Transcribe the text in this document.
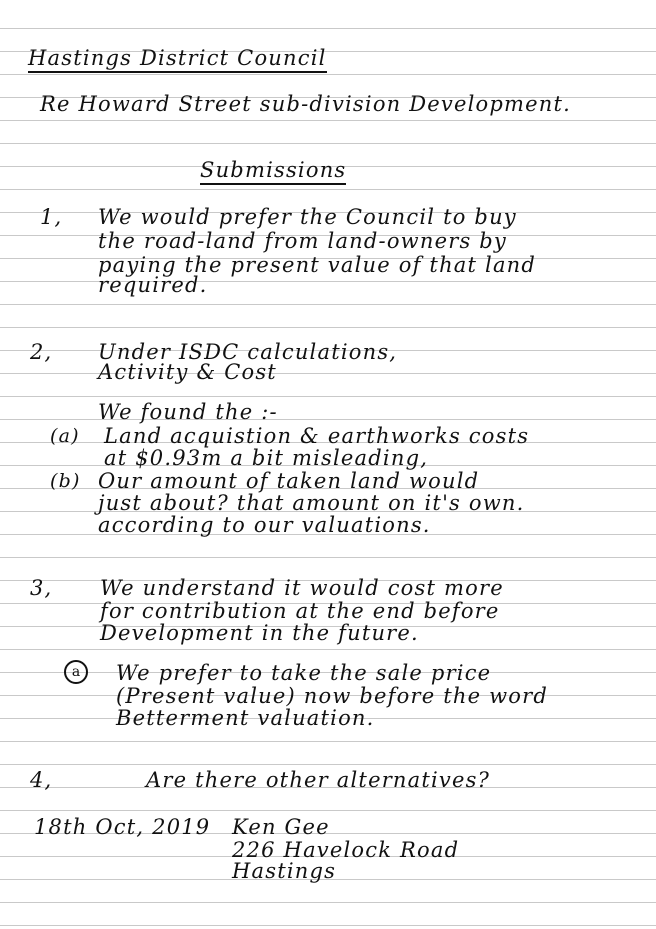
Hastings District Council
Re Howard Street sub-division Development.
Submissions
1, We would prefer the Council to buy
the road-land from land-owners by
paying the present value of that land
required.
2, Under ISDC calculations,
Activity & Cost
We found the :-
(a) Land acquistion & earthworks costs
at $0.93m a bit misleading,
(b) Our amount of taken land would
just about? that amount on it's own.
according to our valuations.
3, We understand it would cost more
for contribution at the end before
Development in the future.
a	We prefer to take the sale price
(Present value) now before the word
Betterment valuation.
4,	Are there other alternatives?
18th Oct, 2019 Ken Gee
226 Havelock Road
Hastings
